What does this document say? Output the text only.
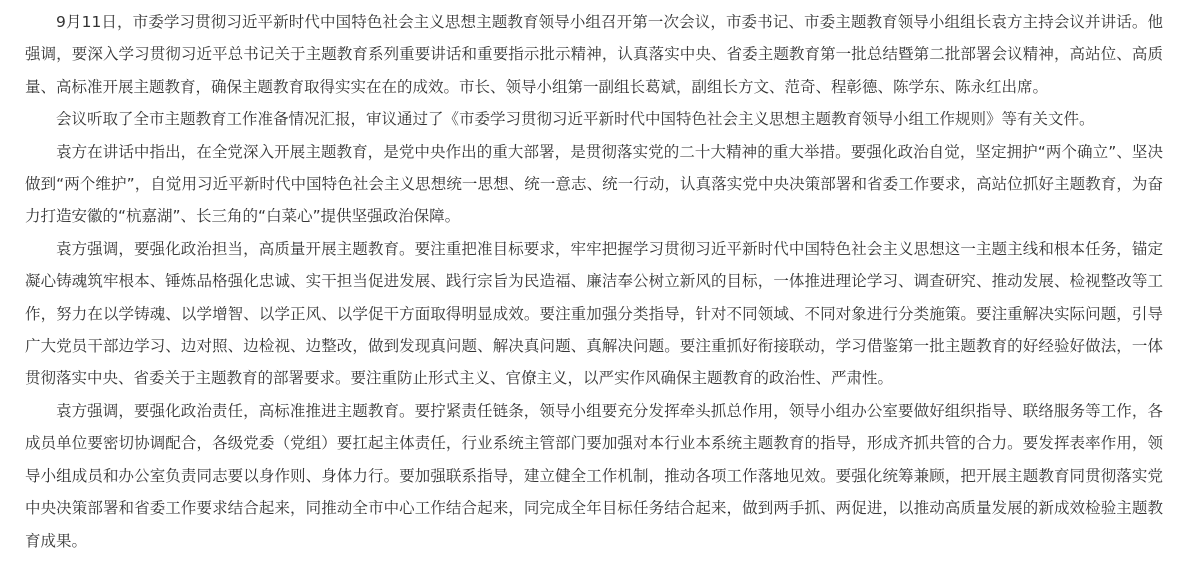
9月11日，市委学习贯彻习近平新时代中国特色社会主义思想主题教育领导小组召开第一次会议，市委书记、市委主题教育领导小组组长袁方主持会议并讲话。他强调，要深入学习贯彻习近平总书记关于主题教育系列重要讲话和重要指示批示精神，认真落实中央、省委主题教育第一批总结暨第二批部署会议精神，高站位、高质量、高标准开展主题教育，确保主题教育取得实实在在的成效。市长、领导小组第一副组长葛斌，副组长方文、范奇、程彰德、陈学东、陈永红出席。

会议听取了全市主题教育工作准备情况汇报，审议通过了《市委学习贯彻习近平新时代中国特色社会主义思想主题教育领导小组工作规则》等有关文件。

袁方在讲话中指出，在全党深入开展主题教育，是党中央作出的重大部署，是贯彻落实党的二十大精神的重大举措。要强化政治自觉，坚定拥护“两个确立”、坚决做到“两个维护”，自觉用习近平新时代中国特色社会主义思想统一思想、统一意志、统一行动，认真落实党中央决策部署和省委工作要求，高站位抓好主题教育，为奋力打造安徽的“杭嘉湖”、长三角的“白菜心”提供坚强政治保障。

袁方强调，要强化政治担当，高质量开展主题教育。要注重把准目标要求，牢牢把握学习贯彻习近平新时代中国特色社会主义思想这一主题主线和根本任务，锚定凝心铸魂筑牢根本、锤炼品格强化忠诚、实干担当促进发展、践行宗旨为民造福、廉洁奉公树立新风的目标，一体推进理论学习、调查研究、推动发展、检视整改等工作，努力在以学铸魂、以学增智、以学正风、以学促干方面取得明显成效。要注重加强分类指导，针对不同领域、不同对象进行分类施策。要注重解决实际问题，引导广大党员干部边学习、边对照、边检视、边整改，做到发现真问题、解决真问题、真解决问题。要注重抓好衔接联动，学习借鉴第一批主题教育的好经验好做法，一体贯彻落实中央、省委关于主题教育的部署要求。要注重防止形式主义、官僚主义，以严实作风确保主题教育的政治性、严肃性。

袁方强调，要强化政治责任，高标准推进主题教育。要拧紧责任链条，领导小组要充分发挥牵头抓总作用，领导小组办公室要做好组织指导、联络服务等工作，各成员单位要密切协调配合，各级党委（党组）要扛起主体责任，行业系统主管部门要加强对本行业本系统主题教育的指导，形成齐抓共管的合力。要发挥表率作用，领导小组成员和办公室负责同志要以身作则、身体力行。要加强联系指导，建立健全工作机制，推动各项工作落地见效。要强化统筹兼顾，把开展主题教育同贯彻落实党中央决策部署和省委工作要求结合起来，同推动全市中心工作结合起来，同完成全年目标任务结合起来，做到两手抓、两促进，以推动高质量发展的新成效检验主题教育成果。
